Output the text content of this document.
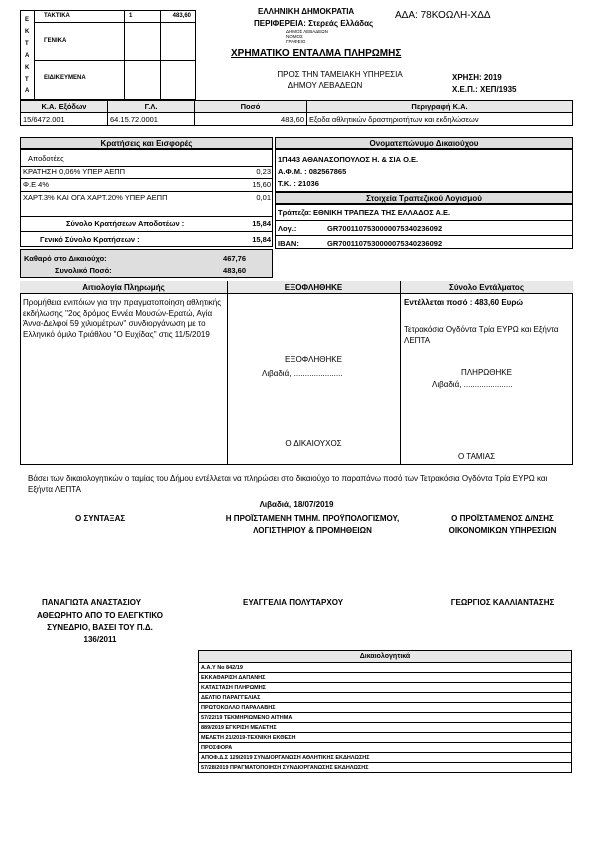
Ε
Κ
Τ
Α
Κ
Τ
Α
ΤΑΚΤΙΚΑ	1	483,60
ΓΕΝΙΚΑ
ΕΙΔΙΚΕΥΜΕΝΑ
ΕΛΛΗΝΙΚΗ ΔΗΜΟΚΡΑΤΙΑ	ΑΔΑ: 78ΚΟΩΛΗ-ΧΔΔ
ΠΕΡΙΦΕΡΕΙΑ: Στερεάς Ελλάδας
ΔΗΜΟΣ ΛΕΒΑΔΕΩΝ
ΝΟΜΟΣ
ΓΡΑΦΕΙΟ
ΧΡΗΜΑΤΙΚΟ ΕΝΤΑΛΜΑ ΠΛΗΡΩΜΗΣ
ΠΡΟΣ ΤΗΝ ΤΑΜΕΙΑΚΗ ΥΠΗΡΕΣΙΑ
ΔΗΜΟΥ ΛΕΒΑΔΕΩΝ
ΧΡΗΣΗ: 2019
Χ.Ε.Π.: ΧΕΠ/1935
Κ.Α. Εξόδων	Γ.Λ.	Ποσό	Περιγραφή Κ.Α.
15/6472.001	64.15.72.0001	483,60	Εξοδα αθλητικών δραστηριοτήτων και εκδηλώσεων
Κρατήσεις και Εισφορές
Αποδοτέες
ΚΡΑΤΗΣΗ 0,06% ΥΠΕΡ ΑΕΠΠ	0,23
Φ.Ε 4%	15,60
ΧΑΡΤ.3% ΚΑΙ ΟΓΑ ΧΑΡΤ.20% ΥΠΕΡ ΑΕΠΠ	0,01
Σύνολο Κρατήσεων Αποδοτέων :	15,84
Γενικό Σύνολο Κρατήσεων :	15,84
Ονοματεπώνυμο Δικαιούχου
1Π443 ΑΘΑΝΑΣΟΠΟΥΛΟΣ Η. & ΣΙΑ Ο.Ε.
Α.Φ.Μ. : 082567865
Τ.Κ. : 21036
Στοιχεία Τραπεζικού Λογισμού
Τράπεζα: ΕΘΝΙΚΗ ΤΡΑΠΕΖΑ ΤΗΣ ΕΛΛΑΔΟΣ Α.Ε.
Λογ.:	GR7001107530000075340236092
IBAN:	GR7001107530000075340236092
Καθαρό στο Δικαιούχο:	467,76
Συνολικό Ποσό:	483,60
Αιτιολογία Πληρωμής	ΕΞΟΦΛΗΘΗΚΕ	Σύνολο Εντάλματος
Προμήθεια ενιπόιων για την πραγματοποίηση αθλητικής εκδήλωσης ''2ος δρόμος Εννέα Μουσών-Ερατώ, Αγία Άννα-Δελφοί 59 χιλιομέτρων'' συνδιοργάνωση με το Ελληνικό όμιλο Τριάθλου ''Ο Ευχίδας'' στις 11/5/2019
ΕΞΟΦΛΗΘΗΚΕ
Λιβαδιά, ......................
Ο ΔΙΚΑΙΟΥΧΟΣ
Εντέλλεται ποσό : 483,60 Ευρώ
Τετρακόσια Ογδόντα Τρία ΕΥΡΩ και Εξήντα ΛΕΠΤΑ
ΠΛΗΡΩΘΗΚΕ
Λιβαδιά, ......................
Ο ΤΑΜΙΑΣ
Βάσει των δικαιολογητικών ο ταμίας του Δήμου εντέλλεται να πληρώσει στο δικαιούχο το παραπάνω ποσό των Τετρακόσια Ογδόντα Τρία ΕΥΡΩ και Εξήντα ΛΕΠΤΑ
Λιβαδιά, 18/07/2019
Ο ΣΥΝΤΑΞΑΣ	Η ΠΡΟΪΣΤΑΜΕΝΗ ΤΜΗΜ. ΠΡΟΫΠΟΛΟΓΙΣΜΟΥ,
ΛΟΓΙΣΤΗΡΙΟΥ & ΠΡΟΜΗΘΕΙΩΝ
Ο ΠΡΟΪΣΤΑΜΕΝΟΣ Δ/ΝΣΗΣ
ΟΙΚΟΝΟΜΙΚΩΝ ΥΠΗΡΕΣΙΩΝ
ΠΑΝΑΓΙΩΤΑ ΑΝΑΣΤΑΣΙΟΥ	ΕΥΑΓΓΕΛΙΑ ΠΟΛΥΤΑΡΧΟΥ	ΓΕΩΡΓΙΟΣ ΚΑΛΛΙΑΝΤΑΣΗΣ
ΑΘΕΩΡΗΤΟ ΑΠΟ ΤΟ ΕΛΕΓΚΤΙΚΟ
ΣΥΝΕΔΡΙΟ, ΒΑΣΕΙ ΤΟΥ Π.Δ.
136/2011
Δικαιολογητικά
Α.Α.Υ Νο 842/19
ΕΚΚΑΘΑΡΙΣΗ ΔΑΠΑΝΗΣ
ΚΑΤΑΣΤΑΣΗ ΠΛΗΡΩΜΗΣ
ΔΕΛΤΙΟ ΠΑΡΑΓΓΕΛΙΑΣ
ΠΡΩΤΟΚΟΛΛΟ ΠΑΡΑΛΑΒΗΣ
57/22/19 ΤΕΚΜΗΡΙΩΜΕΝΟ ΑΙΤΗΜΑ
889/2019 ΕΓΚΡΙΣΗ ΜΕΛΕΤΗΣ
ΜΕΛΕΤΗ 21/2019-ΤΕΧΝΙΚΗ ΕΚΘΕΣΗ
ΠΡΟΣΦΟΡΑ
ΑΠΟΦ.Δ.Σ 129/2019 ΣΥΝΔΙΟΡΓΑΝΩΣΗ ΑΘΛΗΤΙΚΗΣ ΕΚΔΗΛΩΣΗΣ
57/28/2019 ΠΡΑΓΜΑΤΟΠΟΙΗΣΗ ΣΥΝΔΙΟΡΓΑΝΩΣΗΣ ΕΚΔΗΛΩΣΗΣ
